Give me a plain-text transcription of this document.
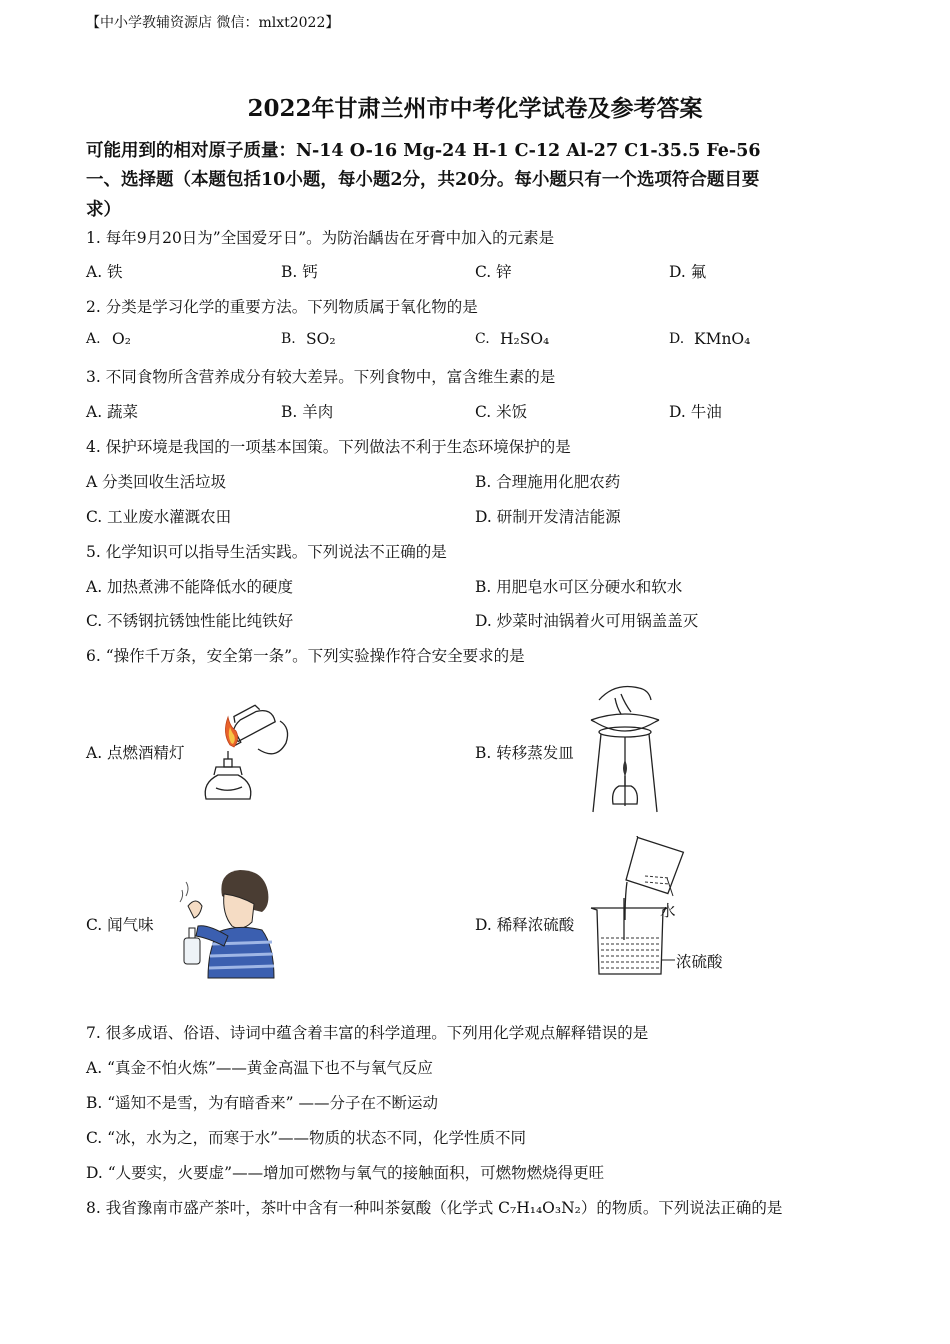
【中小学教辅资源店 微信：mlxt2022】
2022年甘肃兰州市中考化学试卷及参考答案
可能用到的相对原子质量：N-14 O-16 Mg-24 H-1 C-12 Al-27 C1-35.5 Fe-56
一、选择题（本题包括10小题，每小题2分，共20分。每小题只有一个选项符合题目要
求）
1. 每年9月20日为”全国爱牙日”。为防治龋齿在牙膏中加入的元素是
A. 铁	B. 钙	C. 锌	D. 氟
2. 分类是学习化学的重要方法。下列物质属于氧化物的是
A. O₂	B. SO₂	C. H₂SO₄	D. KMnO₄
3. 不同食物所含营养成分有较大差异。下列食物中，富含维生素的是
A. 蔬菜	B. 羊肉	C. 米饭	D. 牛油
4. 保护环境是我国的一项基本国策。下列做法不利于生态环境保护的是
A 分类回收生活垃圾	B. 合理施用化肥农药
C. 工业废水灌溉农田	D. 研制开发清洁能源
5. 化学知识可以指导生活实践。下列说法不正确的是
A. 加热煮沸不能降低水的硬度	B. 用肥皂水可区分硬水和软水
C. 不锈钢抗锈蚀性能比纯铁好	D. 炒菜时油锅着火可用锅盖盖灭
6. “操作千万条，安全第一条”。下列实验操作符合安全要求的是
A. 点燃酒精灯	B. 转移蒸发皿
C. 闻气味	D. 稀释浓硫酸
水
浓硫酸
7. 很多成语、俗语、诗词中蕴含着丰富的科学道理。下列用化学观点解释错误的是
A. “真金不怕火炼”——黄金高温下也不与氧气反应
B. “遥知不是雪，为有暗香来” ——分子在不断运动
C. “冰，水为之，而寒于水”——物质的状态不同，化学性质不同
D. “人要实，火要虚”——增加可燃物与氧气的接触面积，可燃物燃烧得更旺
8. 我省豫南市盛产茶叶，茶叶中含有一种叫茶氨酸（化学式 C₇H₁₄O₃N₂）的物质。下列说法正确的是
